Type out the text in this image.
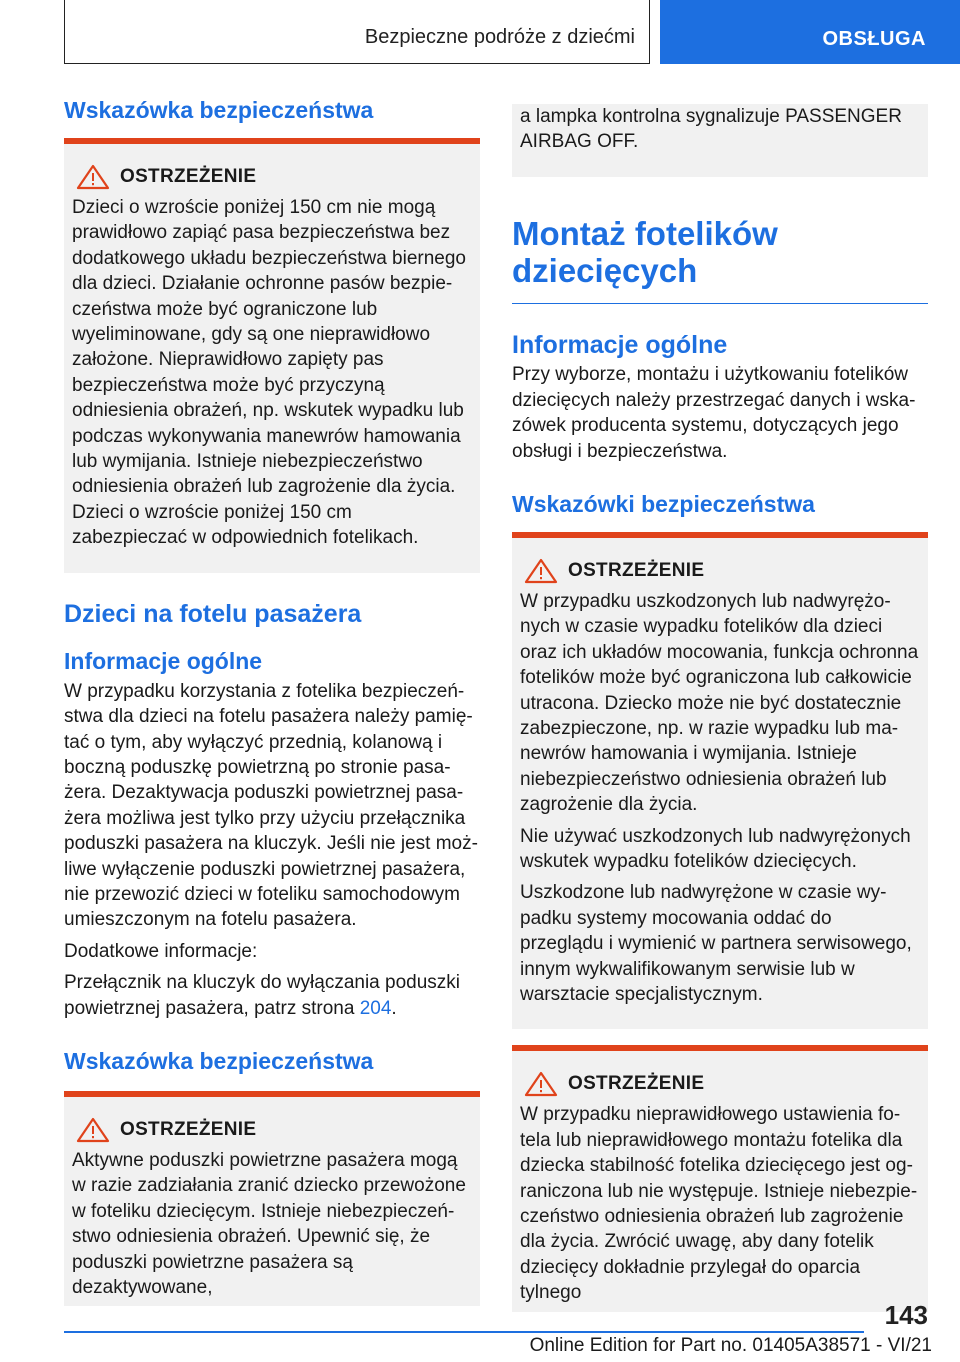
Bezpieczne podróże z dziećmi	OBSŁUGA
Wskazówka bezpieczeństwa
OSTRZEŻENIE

Dzieci o wzroście poniżej 150 cm nie mogą prawidłowo zapiąć pasa bezpieczeństwa bez dodatkowego układu bezpieczeństwa biernego dla dzieci. Działanie ochronne pasów bezpieczeństwa może być ograniczone lub wyeliminowane, gdy są one nieprawidłowo założone. Nieprawidłowo zapięty pas bezpieczeństwa może być przyczyną odniesienia obrażeń, np. wskutek wypadku lub podczas wykonywania manewrów hamowania lub wymijania. Istnieje niebezpieczeństwo odniesienia obrażeń lub zagrożenie dla życia. Dzieci o wzroście poniżej 150 cm zabezpieczać w odpowiednich fotelikach.

Dzieci na fotelu pasażera
Informacje ogólne

W przypadku korzystania z fotelika bezpieczeństwa dla dzieci na fotelu pasażera należy pamiętać o tym, aby wyłączyć przednią, kolanową i boczną poduszkę powietrzną po stronie pasażera. Dezaktywacja poduszki powietrznej pasażera możliwa jest tylko przy użyciu przełącznika poduszki pasażera na kluczyk. Jeśli nie jest możliwe wyłączenie poduszki powietrznej pasażera, nie przewozić dzieci w foteliku samochodowym umieszczonym na fotelu pasażera.

Dodatkowe informacje:

Przełącznik na kluczyk do wyłączania poduszki powietrznej pasażera, patrz strona 204.

Wskazówka bezpieczeństwa
OSTRZEŻENIE

Aktywne poduszki powietrzne pasażera mogą w razie zadziałania zranić dziecko przewożone w foteliku dziecięcym. Istnieje niebezpieczeństwo odniesienia obrażeń. Upewnić się, że poduszki powietrzne pasażera są dezaktywowane,

a lampka kontrolna sygnalizuje PASSENGER AIRBAG OFF.

Montaż fotelików dziecięcych
Informacje ogólne

Przy wyborze, montażu i użytkowaniu fotelików dziecięcych należy przestrzegać danych i wskazówek producenta systemu, dotyczących jego obsługi i bezpieczeństwa.

Wskazówki bezpieczeństwa
OSTRZEŻENIE

W przypadku uszkodzonych lub nadwyrężonych w czasie wypadku fotelików dla dzieci oraz ich układów mocowania, funkcja ochronna fotelików może być ograniczona lub całkowicie utracona. Dziecko może nie być dostatecznie zabezpieczone, np. w razie wypadku lub manewrów hamowania i wymijania. Istnieje niebezpieczeństwo odniesienia obrażeń lub zagrożenie dla życia.

Nie używać uszkodzonych lub nadwyrężonych wskutek wypadku fotelików dziecięcych.

Uszkodzone lub nadwyrężone w czasie wypadku systemy mocowania oddać do przeglądu i wymienić w partnera serwisowego, innym wykwalifikowanym serwisie lub w warsztacie specjalistycznym.

OSTRZEŻENIE

W przypadku nieprawidłowego ustawienia fotela lub nieprawidłowego montażu fotelika dla dziecka stabilność fotelika dziecięcego jest ograniczona lub nie występuje. Istnieje niebezpieczeństwo odniesienia obrażeń lub zagrożenie dla życia. Zwrócić uwagę, aby dany fotelik dziecięcy dokładnie przylegał do oparcia tylnego

143
Online Edition for Part no. 01405A38571 - VI/21
